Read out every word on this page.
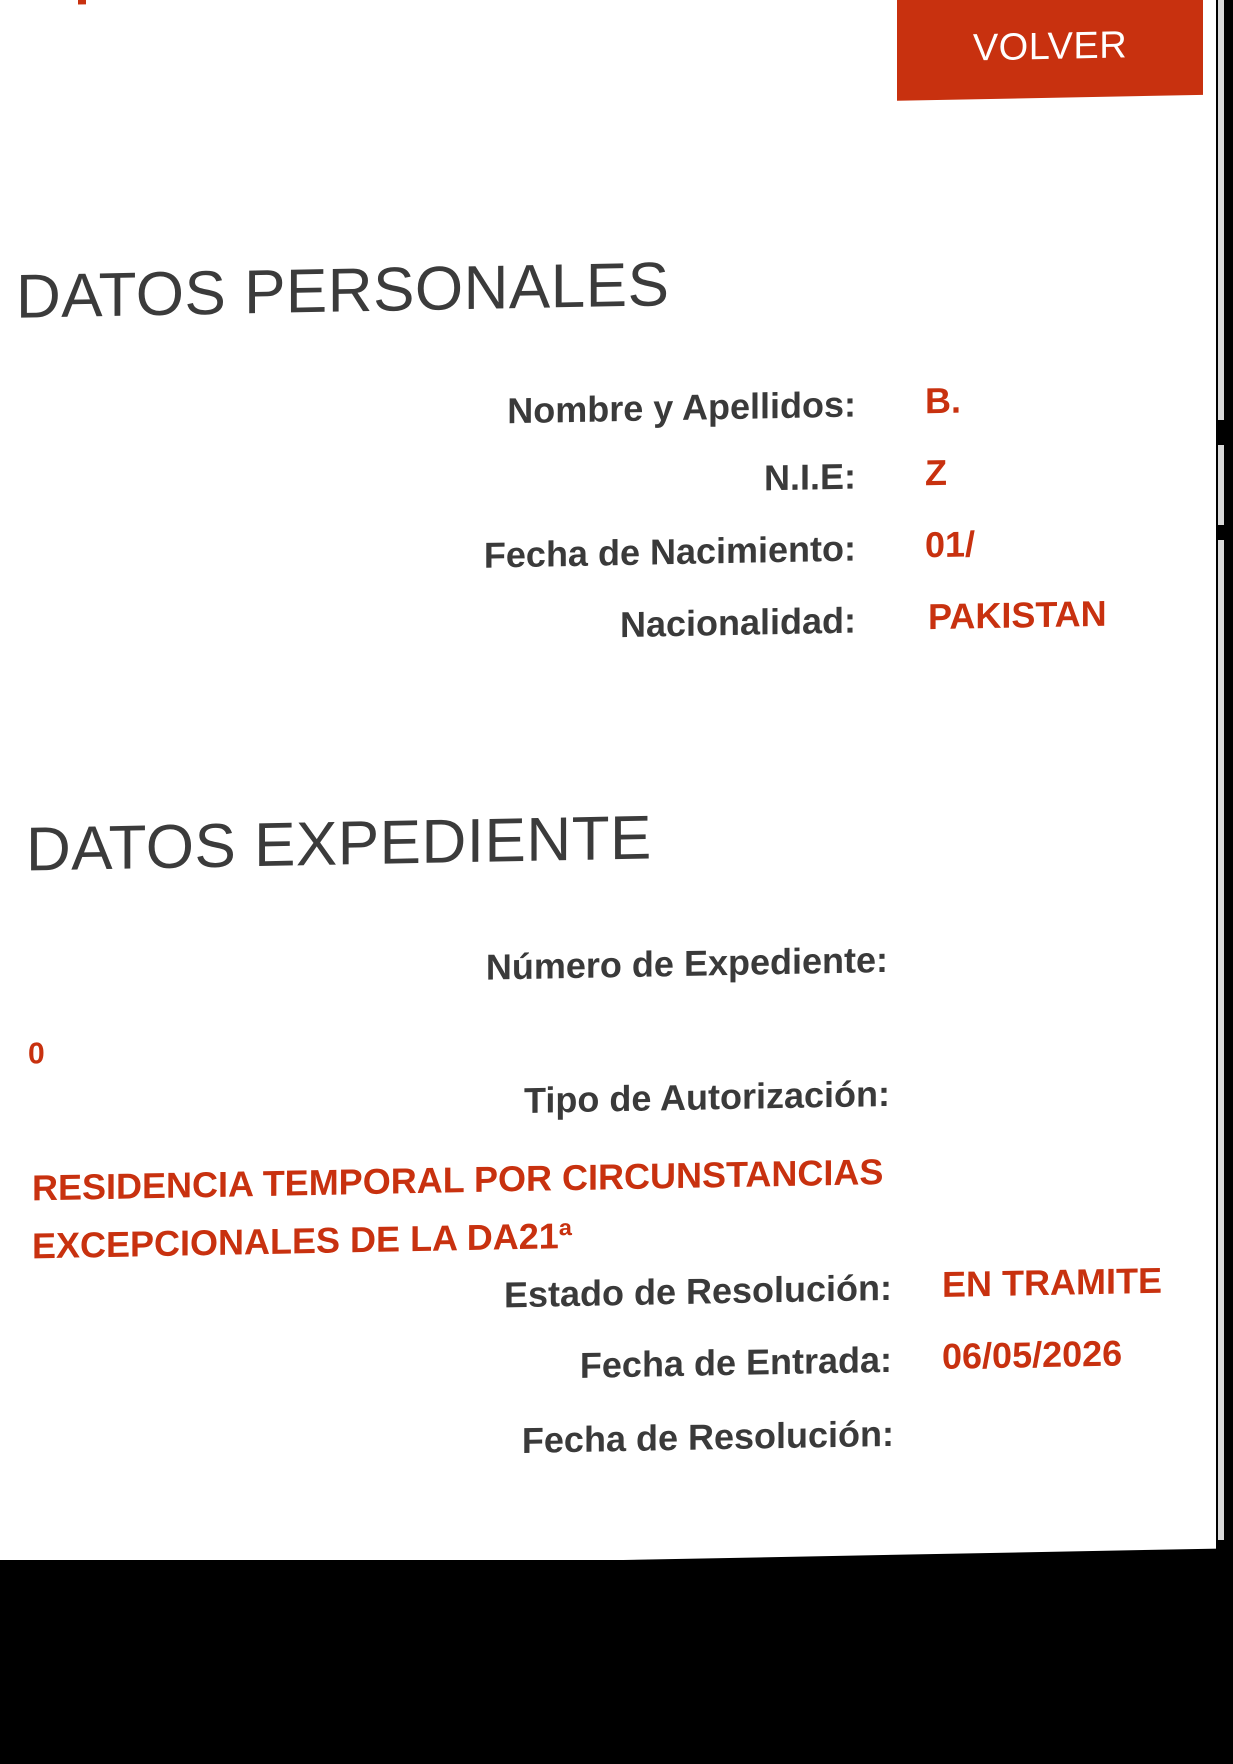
VOLVER
DATOS PERSONALES
Nombre y Apellidos: B.
N.I.E: Z
Fecha de Nacimiento: 01/
Nacionalidad: PAKISTAN
DATOS EXPEDIENTE
Número de Expediente:
0
Tipo de Autorización:
RESIDENCIA TEMPORAL POR CIRCUNSTANCIAS
EXCEPCIONALES DE LA DA21ª
Estado de Resolución: EN TRAMITE
Fecha de Entrada: 06/05/2026
Fecha de Resolución:
